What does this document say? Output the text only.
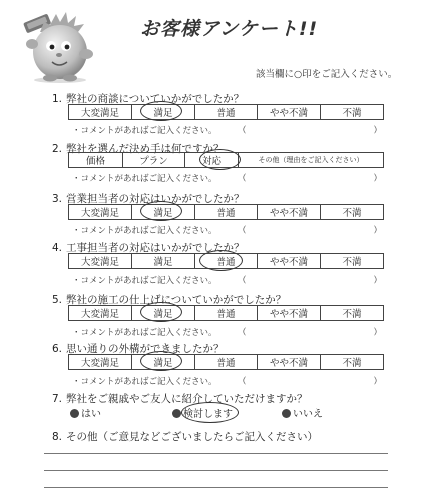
お客様アンケート!!
該当欄に○印をご記入ください。
1. 弊社の商談についていかがでしたか？
大変満足	満足	普通	やや不満	不満
・コメントがあればご記入ください。	（	）
2. 弊社を選んだ決め手は何ですか？
価格	プラン	対応	その他（理由をご記入ください）
・コメントがあればご記入ください。	（	）
3. 営業担当者の対応はいかがでしたか？
大変満足	満足	普通	やや不満	不満
・コメントがあればご記入ください。	（	）
4. 工事担当者の対応はいかがでしたか？
大変満足	満足	普通	やや不満	不満
・コメントがあればご記入ください。	（	）
5. 弊社の施工の仕上げについていかがでしたか？
大変満足	満足	普通	やや不満	不満
・コメントがあればご記入ください。	（	）
6. 思い通りの外構ができましたか？
大変満足	満足	普通	やや不満	不満
・コメントがあればご記入ください。	（	）
7. 弊社をご親戚やご友人に紹介していただけますか？
はい	検討します	いいえ
8. その他（ご意見などございましたらご記入ください）
